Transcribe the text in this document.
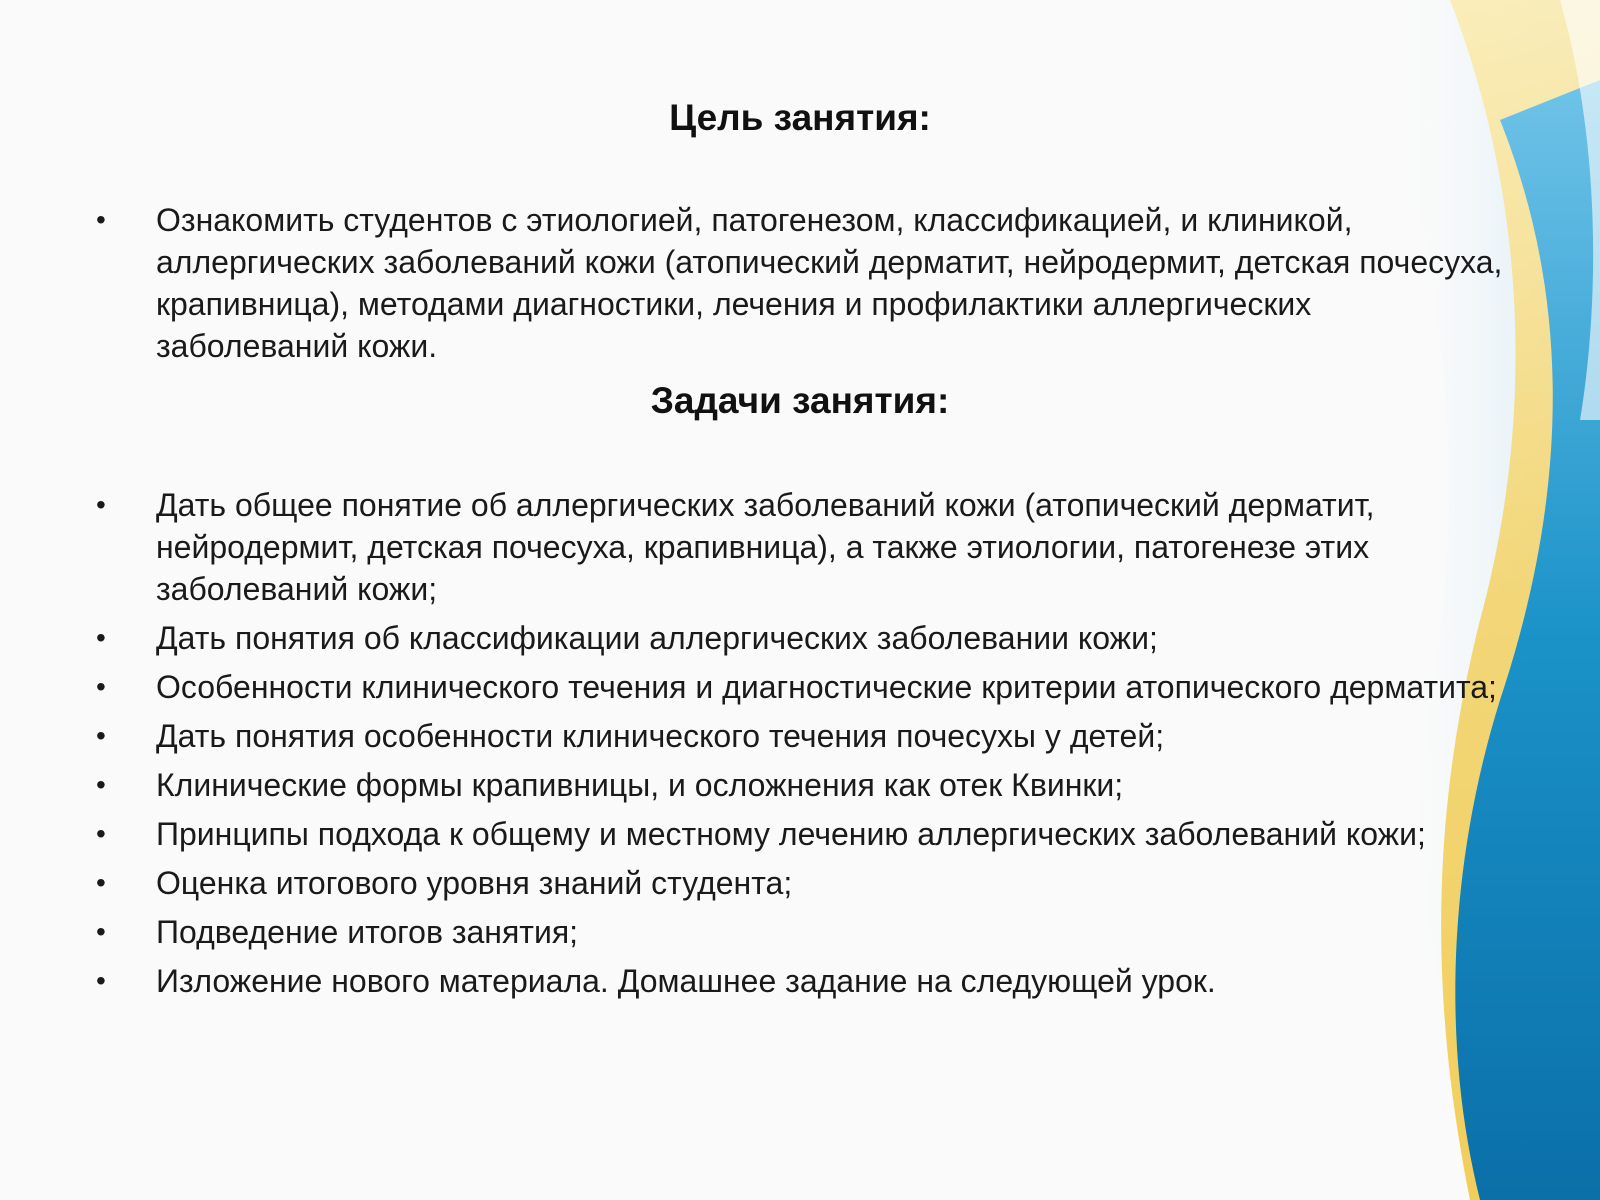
Цель занятия:
• Ознакомить студентов с этиологией, патогенезом, классификацией, и клиникой, аллергических заболеваний кожи (атопический дерматит, нейродермит, детская почесуха, крапивница), методами диагностики, лечения и профилактики аллергических заболеваний кожи.
Задачи занятия:
• Дать общее понятие об аллергических заболеваний кожи (атопический дерматит, нейродермит, детская почесуха, крапивница), а также этиологии, патогенезе этих заболеваний кожи;
• Дать понятия об классификации аллергических заболевании кожи;
• Особенности клинического течения и диагностические критерии атопического дерматита;
• Дать понятия особенности клинического течения почесухы у детей;
• Клинические формы крапивницы, и осложнения как отек Квинки;
• Принципы подхода к общему и местному лечению аллергических заболеваний кожи;
• Оценка итогового уровня знаний студента;
• Подведение итогов занятия;
• Изложение нового материала. Домашнее задание на следующей урок.
